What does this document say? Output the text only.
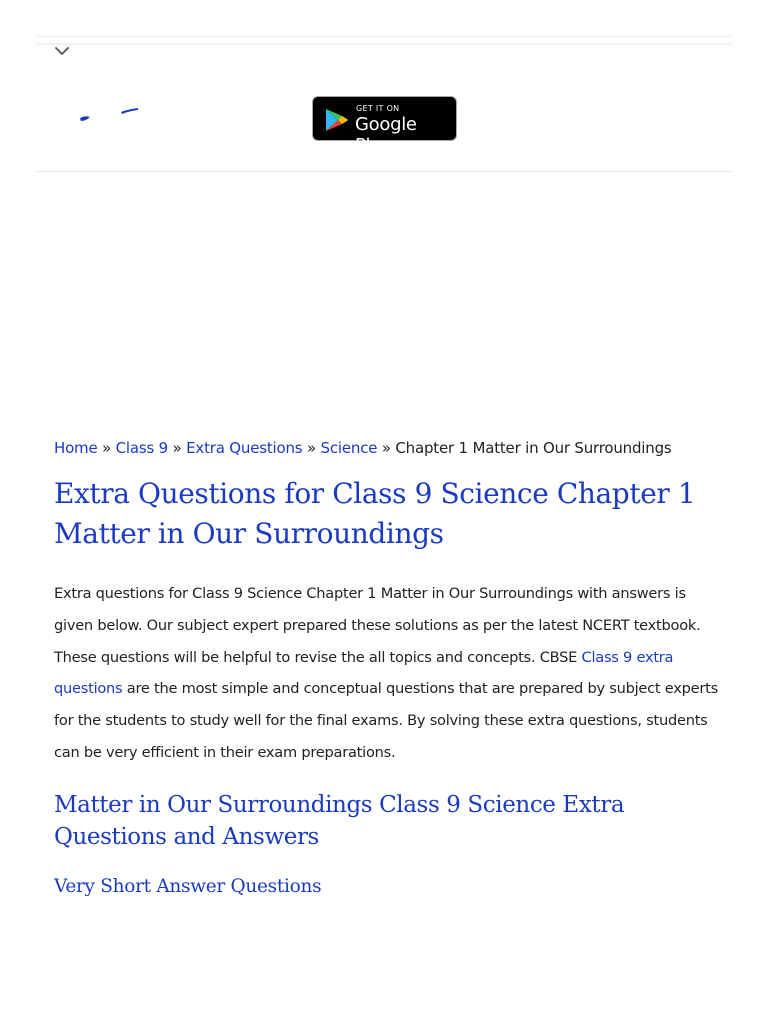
GET IT ON
Google Play
Home » Class 9 » Extra Questions » Science » Chapter 1 Matter in Our Surroundings
Extra Questions for Class 9 Science Chapter 1 Matter in Our Surroundings

Extra questions for Class 9 Science Chapter 1 Matter in Our Surroundings with answers is given below. Our subject expert prepared these solutions as per the latest NCERT textbook. These questions will be helpful to revise the all topics and concepts. CBSE Class 9 extra questions are the most simple and conceptual questions that are prepared by subject experts for the students to study well for the final exams. By solving these extra questions, students can be very efficient in their exam preparations.

Matter in Our Surroundings Class 9 Science Extra Questions and Answers
Very Short Answer Questions
